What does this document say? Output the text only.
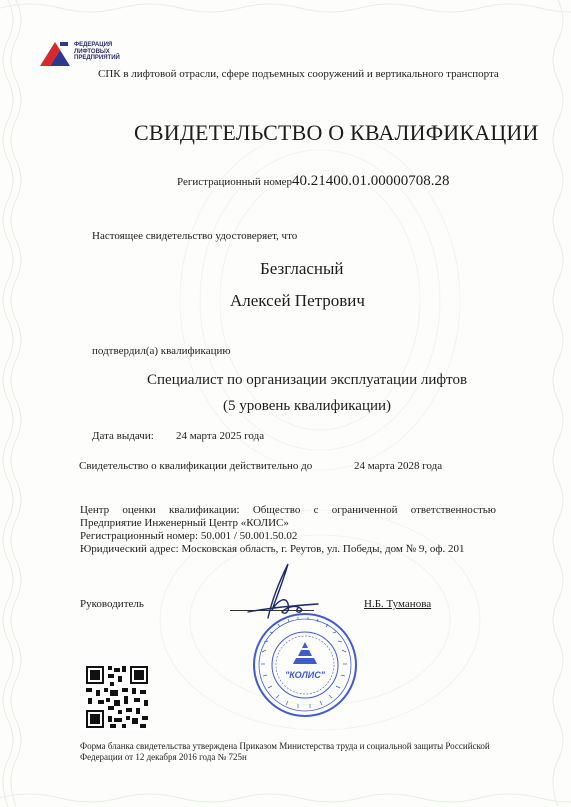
ФЕДЕРАЦИЯ
ЛИФТОВЫХ
ПРЕДПРИЯТИЙ
СПК в лифтовой отрасли, сфере подъемных сооружений и вертикального транспорта
СВИДЕТЕЛЬСТВО О КВАЛИФИКАЦИИ
Регистрационный номер 40.21400.01.00000708.28
Настоящее свидетельство удостоверяет, что
Безгласный
Алексей Петрович
подтвердил(а) квалификацию
Специалист по организации эксплуатации лифтов
(5 уровень квалификации)
Дата выдачи: 24 марта 2025 года
Свидетельство о квалификации действительно до	24 марта 2028 года
Центр оценки квалификации: Общество с ограниченной ответственностью
Предприятие Инженерный Центр «КОЛИС»
Регистрационный номер: 50.001 / 50.001.50.02
Юридический адрес: Московская область, г. Реутов, ул. Победы, дом № 9, оф. 201
Руководитель	Н.Б. Туманова
"КОЛИС"
Форма бланка свидетельства утверждена Приказом Министерства труда и социальной защиты Российской
Федерации от 12 декабря 2016 года № 725н
